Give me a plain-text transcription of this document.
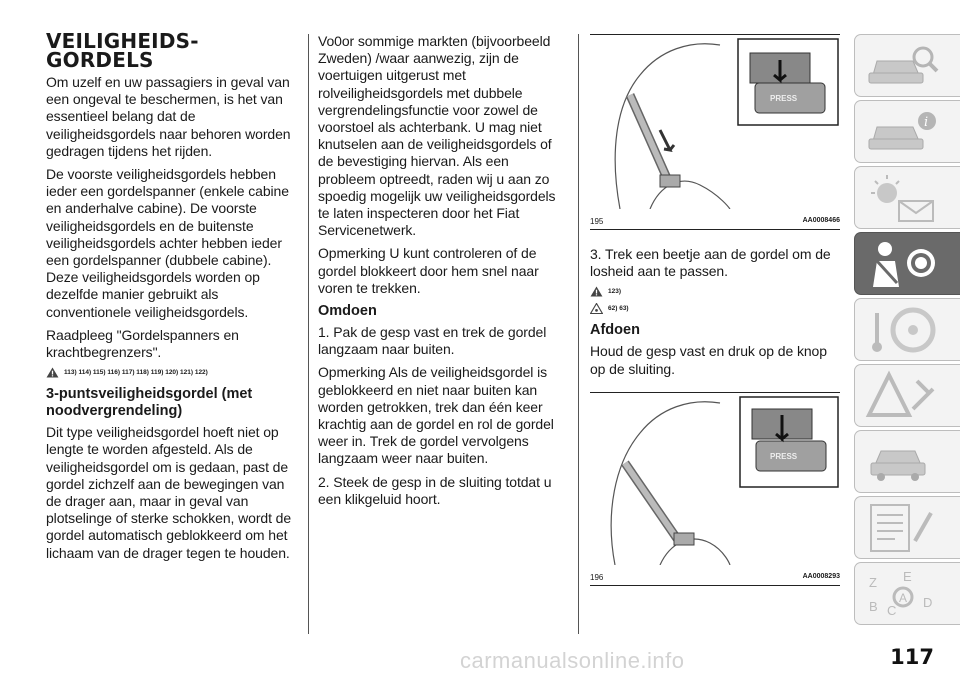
VEILIGHEIDS-
GORDELS

Om uzelf en uw passagiers in geval van een ongeval te beschermen, is het van essentieel belang dat de veiligheidsgordels naar behoren worden gedragen tijdens het rijden.

De voorste veiligheidsgordels hebben ieder een gordelspanner (enkele cabine en anderhalve cabine). De voorste veiligheidsgordels en de buitenste veiligheidsgordels achter hebben ieder een gordelspanner (dubbele cabine). Deze veiligheidsgordels worden op dezelfde manier gebruikt als conventionele veiligheidsgordels.

Raadpleeg "Gordelspanners en krachtbegrenzers".

113) 114) 115) 116) 117) 118) 119) 120) 121) 122)
3-puntsveiligheidsgordel (met noodvergrendeling)

Dit type veiligheidsgordel hoeft niet op lengte te worden afgesteld. Als de veiligheidsgordel om is gedaan, past de gordel zichzelf aan de bewegingen van de drager aan, maar in geval van plotselinge of sterke schokken, wordt de gordel automatisch geblokkeerd om het lichaam van de drager tegen te houden.

Vo0or sommige markten (bijvoorbeeld Zweden) /waar aanwezig, zijn de voertuigen uitgerust met rolveiligheidsgordels met dubbele vergrendelingsfunctie voor zowel de voorstoel als achterbank. U mag niet knutselen aan de veiligheidsgordels of de bevestiging hiervan. Als een probleem optreedt, raden wij u aan zo spoedig mogelijk uw veiligheidsgordels te laten inspecteren door het Fiat Servicenetwerk.

Opmerking U kunt controleren of de gordel blokkeert door hem snel naar voren te trekken.

Omdoen

1. Pak de gesp vast en trek de gordel langzaam naar buiten.

Opmerking Als de veiligheidsgordel is geblokkeerd en niet naar buiten kan worden getrokken, trek dan één keer krachtig aan de gordel en rol de gordel weer in. Trek de gordel vervolgens langzaam weer naar buiten.

2. Steek de gesp in de sluiting totdat u een klikgeluid hoort.

PRESS
195	AA0008466

3. Trek een beetje aan de gordel om de losheid aan te passen.

123)
62) 63)
Afdoen

Houd de gesp vast en druk op de knop op de sluiting.

PRESS
196	AA0008293
i
Z E
B C
D
A
117
carmanualsonline.info
